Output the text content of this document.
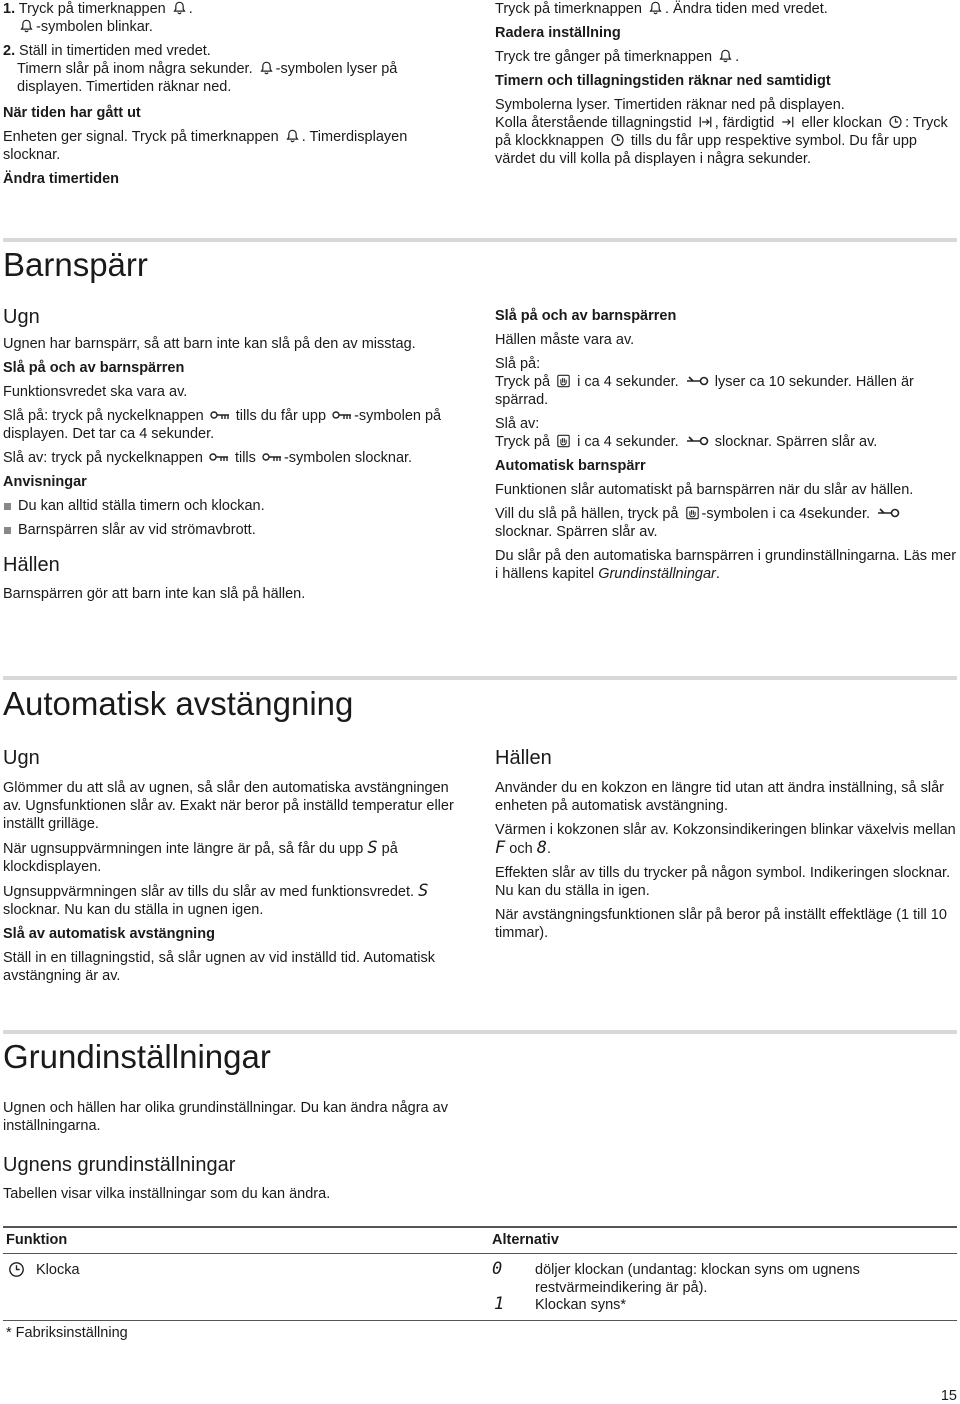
1. Tryck på timerknappen .

-symbolen blinkar.

2. Ställ in timertiden med vredet.

Timern slår på inom några sekunder. -symbolen lyser på displayen. Timertiden räknar ned.

När tiden har gått ut

Enheten ger signal. Tryck på timerknappen . Timerdisplayen slocknar.

Ändra timertiden

Tryck på timerknappen . Ändra tiden med vredet.

Radera inställning

Tryck tre gånger på timerknappen .

Timern och tillagningstiden räknar ned samtidigt

Symbolerna lyser. Timertiden räknar ned på displayen.

Kolla återstående tillagningstid , färdigtid eller klockan : Tryck på klockknappen tills du får upp respektive symbol. Du får upp värdet du vill kolla på displayen i några sekunder.

Barnspärr

Ugn

Ugnen har barnspärr, så att barn inte kan slå på den av misstag.

Slå på och av barnspärren

Funktionsvredet ska vara av.

Slå på: tryck på nyckelknappen tills du får upp -symbolen på displayen. Det tar ca 4 sekunder.

Slå av: tryck på nyckelknappen tills -symbolen slocknar.

Anvisningar

Du kan alltid ställa timern och klockan.
Barnspärren slår av vid strömavbrott.

Hällen

Barnspärren gör att barn inte kan slå på hällen.

Slå på och av barnspärren

Hällen måste vara av.

Slå på:

Tryck på i ca 4 sekunder. lyser ca 10 sekunder. Hällen är spärrad.

Slå av:

Tryck på i ca 4 sekunder. slocknar. Spärren slår av.

Automatisk barnspärr

Funktionen slår automatiskt på barnspärren när du slår av hällen.

Vill du slå på hällen, tryck på -symbolen i ca 4sekunder.  slocknar. Spärren slår av.

Du slår på den automatiska barnspärren i grundinställningarna. Läs mer i hällens kapitel Grundinställningar.

Automatisk avstängning

Ugn

Glömmer du att slå av ugnen, så slår den automatiska avstängningen av. Ugnsfunktionen slår av. Exakt när beror på inställd temperatur eller inställt grilläge.

När ugnsuppvärmningen inte längre är på, så får du upp S på klockdisplayen.

Ugnsuppvärmningen slår av tills du slår av med funktionsvredet. S slocknar. Nu kan du ställa in ugnen igen.

Slå av automatisk avstängning

Ställ in en tillagningstid, så slår ugnen av vid inställd tid. Automatisk avstängning är av.

Hällen

Använder du en kokzon en längre tid utan att ändra inställning, så slår enheten på automatisk avstängning.

Värmen i kokzonen slår av. Kokzonsindikeringen blinkar växelvis mellan F och 8.

Effekten slår av tills du trycker på någon symbol. Indikeringen slocknar. Nu kan du ställa in igen.

När avstängningsfunktionen slår på beror på inställt effektläge (1 till 10 timmar).

Grundinställningar

Ugnen och hällen har olika grundinställningar. Du kan ändra några av inställningarna.

Ugnens grundinställningar

Tabellen visar vilka inställningar som du kan ändra.

Funktion	Alternativ
Klocka	0 döljer klockan (undantag: klockan syns om ugnens restvärmeindikering är på).
1 Klockan syns*
* Fabriksinställning
15
